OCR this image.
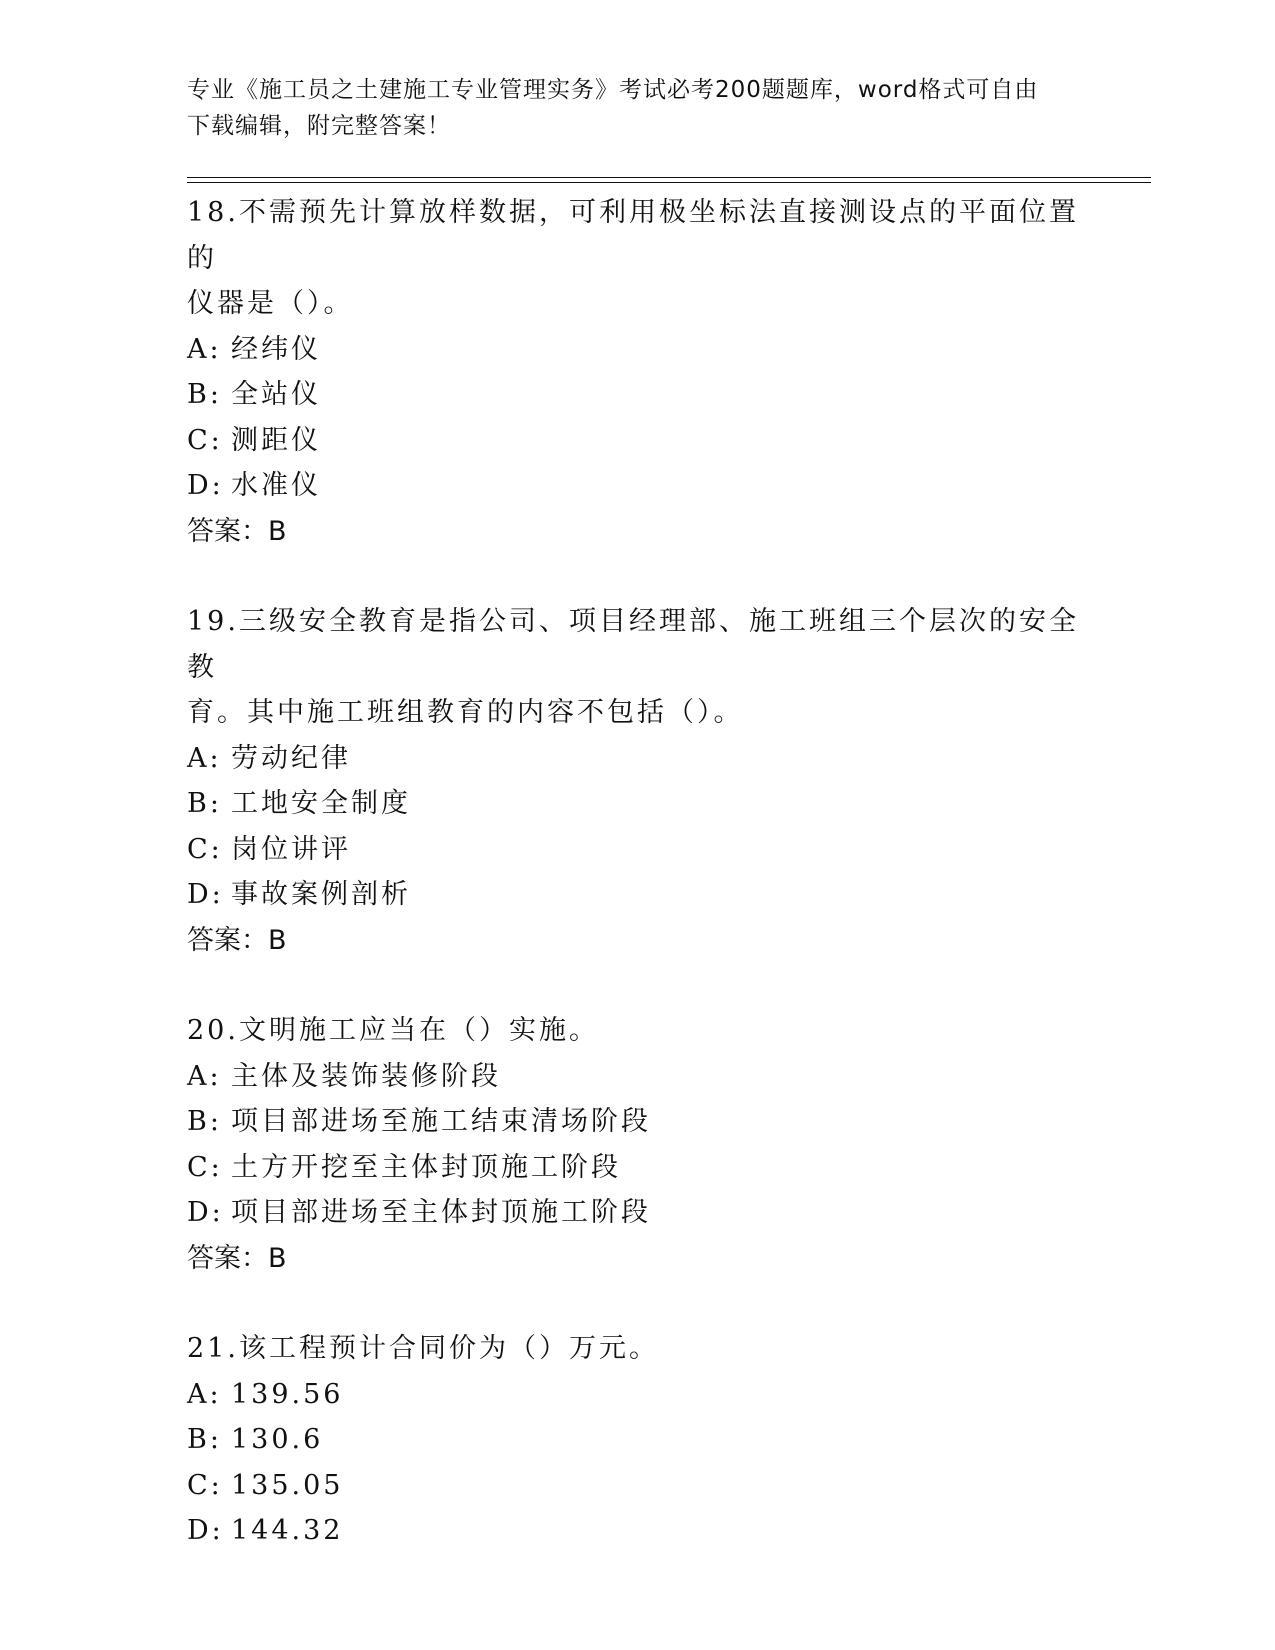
专业《施工员之土建施工专业管理实务》考试必考200题题库，word格式可自由
下载编辑，附完整答案！
18.不需预先计算放样数据，可利用极坐标法直接测设点的平面位置的
仪器是（）。
A: 经纬仪
B: 全站仪
C: 测距仪
D: 水准仪
答案：B
19.三级安全教育是指公司、项目经理部、施工班组三个层次的安全教
育。其中施工班组教育的内容不包括（）。
A: 劳动纪律
B: 工地安全制度
C: 岗位讲评
D: 事故案例剖析
答案：B
20.文明施工应当在（）实施。
A: 主体及装饰装修阶段
B: 项目部进场至施工结束清场阶段
C: 土方开挖至主体封顶施工阶段
D: 项目部进场至主体封顶施工阶段
答案：B
21.该工程预计合同价为（）万元。
A: 139.56
B: 130.6
C: 135.05
D: 144.32
